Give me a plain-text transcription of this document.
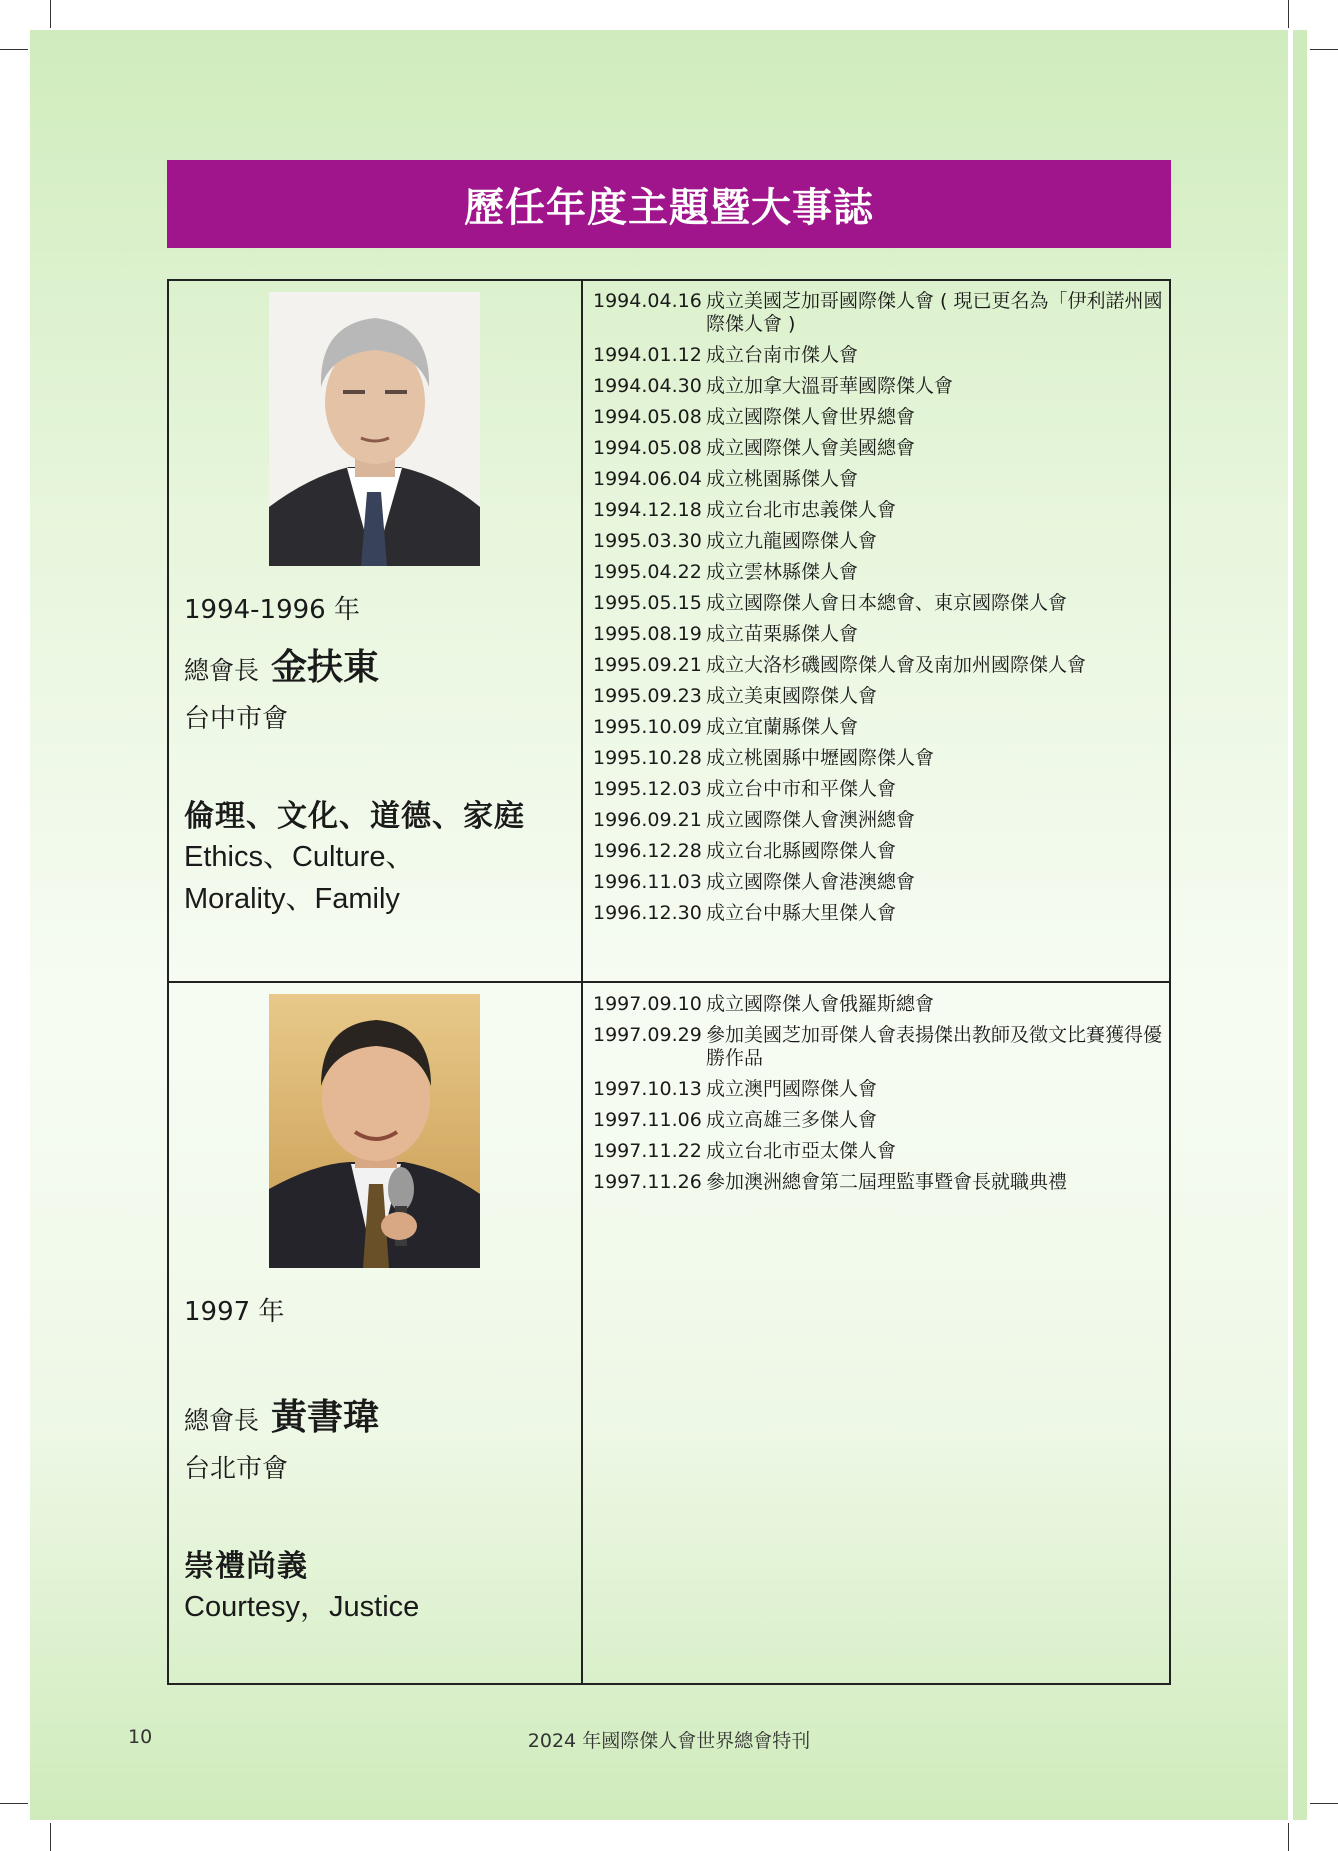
歷任年度主題暨大事誌
1994-1996 年
總會長 金扶東
台中市會
倫理、文化、道德、家庭
Ethics、Culture、
Morality、Family
1994.04.16 成立美國芝加哥國際傑人會 ( 現已更名為「伊利諾州國際傑人會 )
1994.01.12 成立台南市傑人會
1994.04.30 成立加拿大溫哥華國際傑人會
1994.05.08 成立國際傑人會世界總會
1994.05.08 成立國際傑人會美國總會
1994.06.04 成立桃園縣傑人會
1994.12.18 成立台北市忠義傑人會
1995.03.30 成立九龍國際傑人會
1995.04.22 成立雲林縣傑人會
1995.05.15 成立國際傑人會日本總會、東京國際傑人會
1995.08.19 成立苗栗縣傑人會
1995.09.21 成立大洛杉磯國際傑人會及南加州國際傑人會
1995.09.23 成立美東國際傑人會
1995.10.09 成立宜蘭縣傑人會
1995.10.28 成立桃園縣中壢國際傑人會
1995.12.03 成立台中市和平傑人會
1996.09.21 成立國際傑人會澳洲總會
1996.12.28 成立台北縣國際傑人會
1996.11.03 成立國際傑人會港澳總會
1996.12.30 成立台中縣大里傑人會
1997 年
總會長 黃書瑋
台北市會
崇禮尚義
Courtesy，Justice
1997.09.10 成立國際傑人會俄羅斯總會
1997.09.29 參加美國芝加哥傑人會表揚傑出教師及徵文比賽獲得優勝作品
1997.10.13 成立澳門國際傑人會
1997.11.06 成立高雄三多傑人會
1997.11.22 成立台北市亞太傑人會
1997.11.26 參加澳洲總會第二屆理監事暨會長就職典禮
2024 年國際傑人會世界總會特刊
10
